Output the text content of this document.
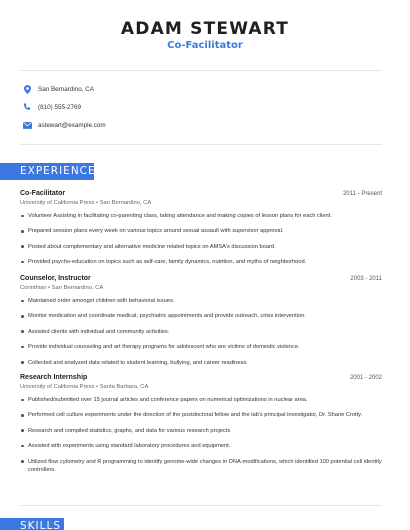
ADAM STEWART
Co-Facilitator
San Bernardino, CA
(810) 555-2769
astewart@example.com
EXPERIENCE
Co-Facilitator	2011 - Present
University of California Press • San Bernardino, CA
Volunteer Assisting in facilitating co-parenting class, taking attendance and making copies of lesson plans for each client.
Prepared session plans every week on various topics around sexual assault with supervisor approval.
Posted about complementary and alternative medicine related topics on AMSA's discussion board.
Provided psycho-education on topics such as self-care, family dynamics, nutrition, and myths of neighborhood.
Counselor, Instructor	2003 - 2011
Corinthian • San Bernardino, CA
Maintained order amongst children with behavioral issues.
Monitor medication and coordinate medical, psychiatric appointments and provide outreach, crisis intervention.
Assisted clients with individual and community activities.
Provide individual counseling and art therapy programs for adolescent who are victims of domestic violence.
Collected and analyzed data related to student learning, bullying, and career readiness.
Research Internship	2001 - 2002
University of California Press • Santa Barbara, CA
Published/submitted over 15 journal articles and conference papers on numerical optimizations in nuclear area.
Performed cell culture experiments under the direction of the postdoctoral fellow and the lab's principal investigator, Dr. Shane Crotty.
Research and compiled statistics, graphs, and data for various research projects
Assisted with experiments using standard laboratory procedures and equipment.
Utilized flow cytometry and R programming to identify genome-wide changes in DNA-modifications, which identified 100 potential cell identity controllers.
SKILLS
